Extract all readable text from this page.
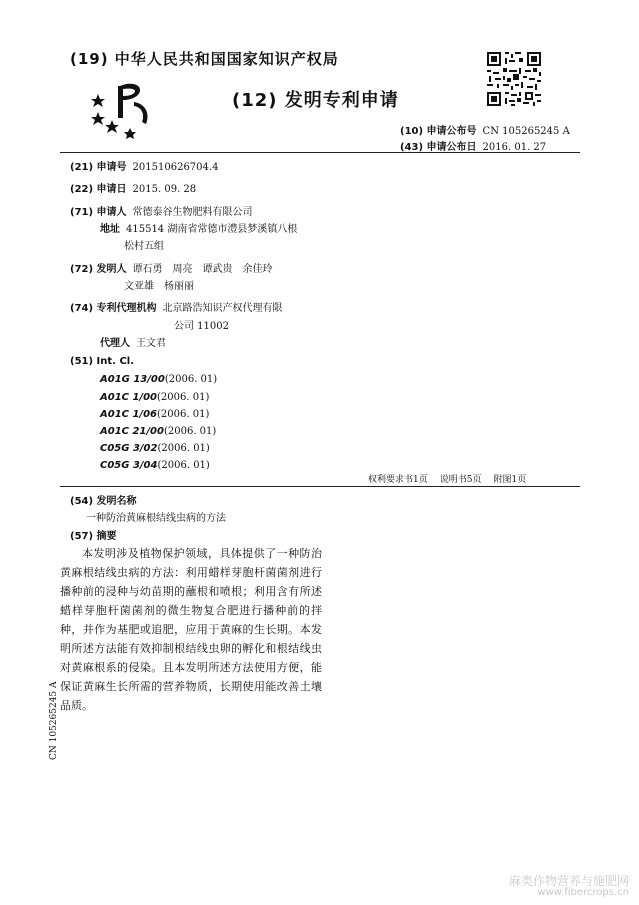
(19) 中华人民共和国国家知识产权局
(12) 发明专利申请
(10) 申请公布号 CN 105265245 A
(43) 申请公布日 2016. 01. 27
(21) 申请号 201510626704.4
(22) 申请日 2015. 09. 28
(71) 申请人 常德泰谷生物肥料有限公司
地址 415514 湖南省常德市澧县梦溪镇八根
松村五组
(72) 发明人 谭石勇　周亮　谭武贵　余佳玲
文亚雄　杨丽丽
(74) 专利代理机构 北京路浩知识产权代理有限
公司 11002
代理人 王文君
(51) Int. Cl.
A01G 13/00(2006. 01)
A01C 1/00(2006. 01)
A01C 1/06(2006. 01)
A01C 21/00(2006. 01)
C05G 3/02(2006. 01)
C05G 3/04(2006. 01)
权利要求书1页 说明书5页 附图1页
(54) 发明名称
一种防治黄麻根结线虫病的方法
(57) 摘要

本发明涉及植物保护领域，具体提供了一种防治黄麻根结线虫病的方法：利用蜡样芽胞杆菌菌剂进行播种前的浸种与幼苗期的蘸根和喷根；利用含有所述蜡样芽胞杆菌菌剂的微生物复合肥进行播种前的拌种，并作为基肥或追肥，应用于黄麻的生长期。本发明所述方法能有效抑制根结线虫卵的孵化和根结线虫对黄麻根系的侵染。且本发明所述方法使用方便，能保证黄麻生长所需的营养物质，长期使用能改善土壤品质。

CN 105265245 A
麻类作物营养与施肥网
www.fibercrops.cn
